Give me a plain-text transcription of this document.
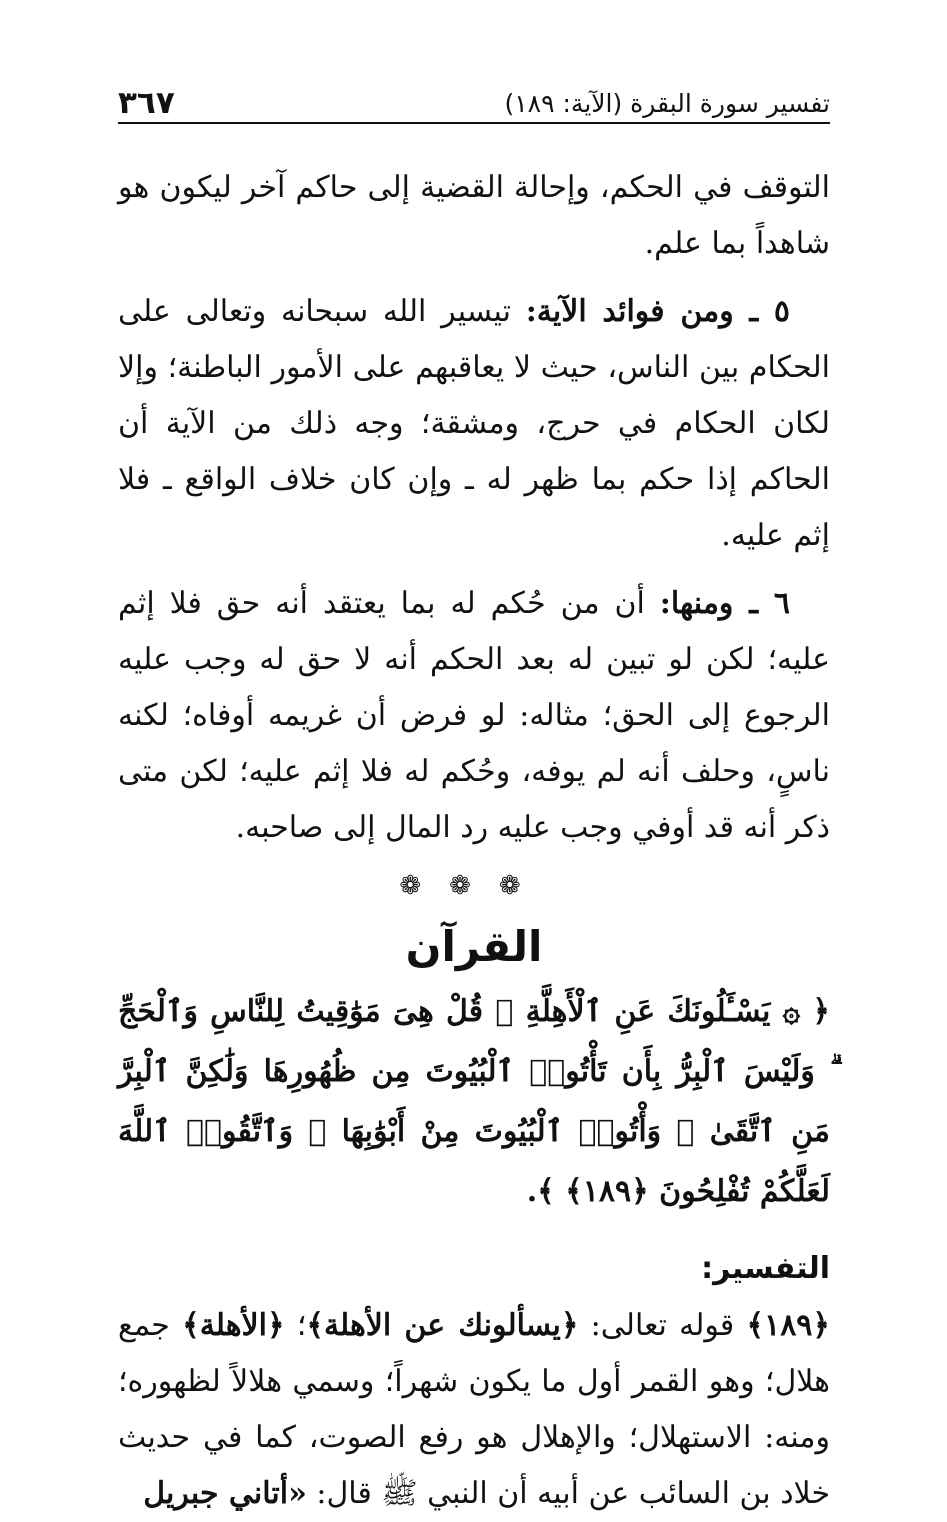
تفسير سورة البقرة (الآية: ١٨٩)
٣٦٧

التوقف في الحكم، وإحالة القضية إلى حاكم آخر ليكون هو شاهداً بما علم.

٥ ـ ومن فوائد الآية: تيسير الله سبحانه وتعالى على الحكام بين الناس، حيث لا يعاقبهم على الأمور الباطنة؛ وإلا لكان الحكام في حرج، ومشقة؛ وجه ذلك من الآية أن الحاكم إذا حكم بما ظهر له ـ وإن كان خلاف الواقع ـ فلا إثم عليه.

٦ ـ ومنها: أن من حُكم له بما يعتقد أنه حق فلا إثم عليه؛ لكن لو تبين له بعد الحكم أنه لا حق له وجب عليه الرجوع إلى الحق؛ مثاله: لو فرض أن غريمه أوفاه؛ لكنه ناسٍ، وحلف أنه لم يوفه، وحُكم له فلا إثم عليه؛ لكن متى ذكر أنه قد أوفي وجب عليه رد المال إلى صاحبه.

❁❁❁
القرآن

﴿ ۞ يَسْـَٔلُونَكَ عَنِ ٱلْأَهِلَّةِ ۖ قُلْ هِىَ مَوَٰقِيتُ لِلنَّاسِ وَٱلْحَجِّ ۗ وَلَيْسَ ٱلْبِرُّ بِأَن تَأْتُوا۟ ٱلْبُيُوتَ مِن ظُهُورِهَا وَلَٰكِنَّ ٱلْبِرَّ مَنِ ٱتَّقَىٰ ۗ وَأْتُوا۟ ٱلْبُيُوتَ مِنْ أَبْوَٰبِهَا ۚ وَٱتَّقُوا۟ ٱللَّهَ لَعَلَّكُمْ تُفْلِحُونَ ﴿١٨٩﴾ ﴾.

التفسير:

﴿١٨٩﴾ قوله تعالى: ﴿يسألونك عن الأهلة﴾؛ ﴿الأهلة﴾ جمع هلال؛ وهو القمر أول ما يكون شهراً؛ وسمي هلالاً لظهوره؛ ومنه: الاستهلال؛ والإهلال هو رفع الصوت، كما في حديث خلاد بن السائب عن أبيه أن النبي ﷺ قال: «أتاني جبريل
